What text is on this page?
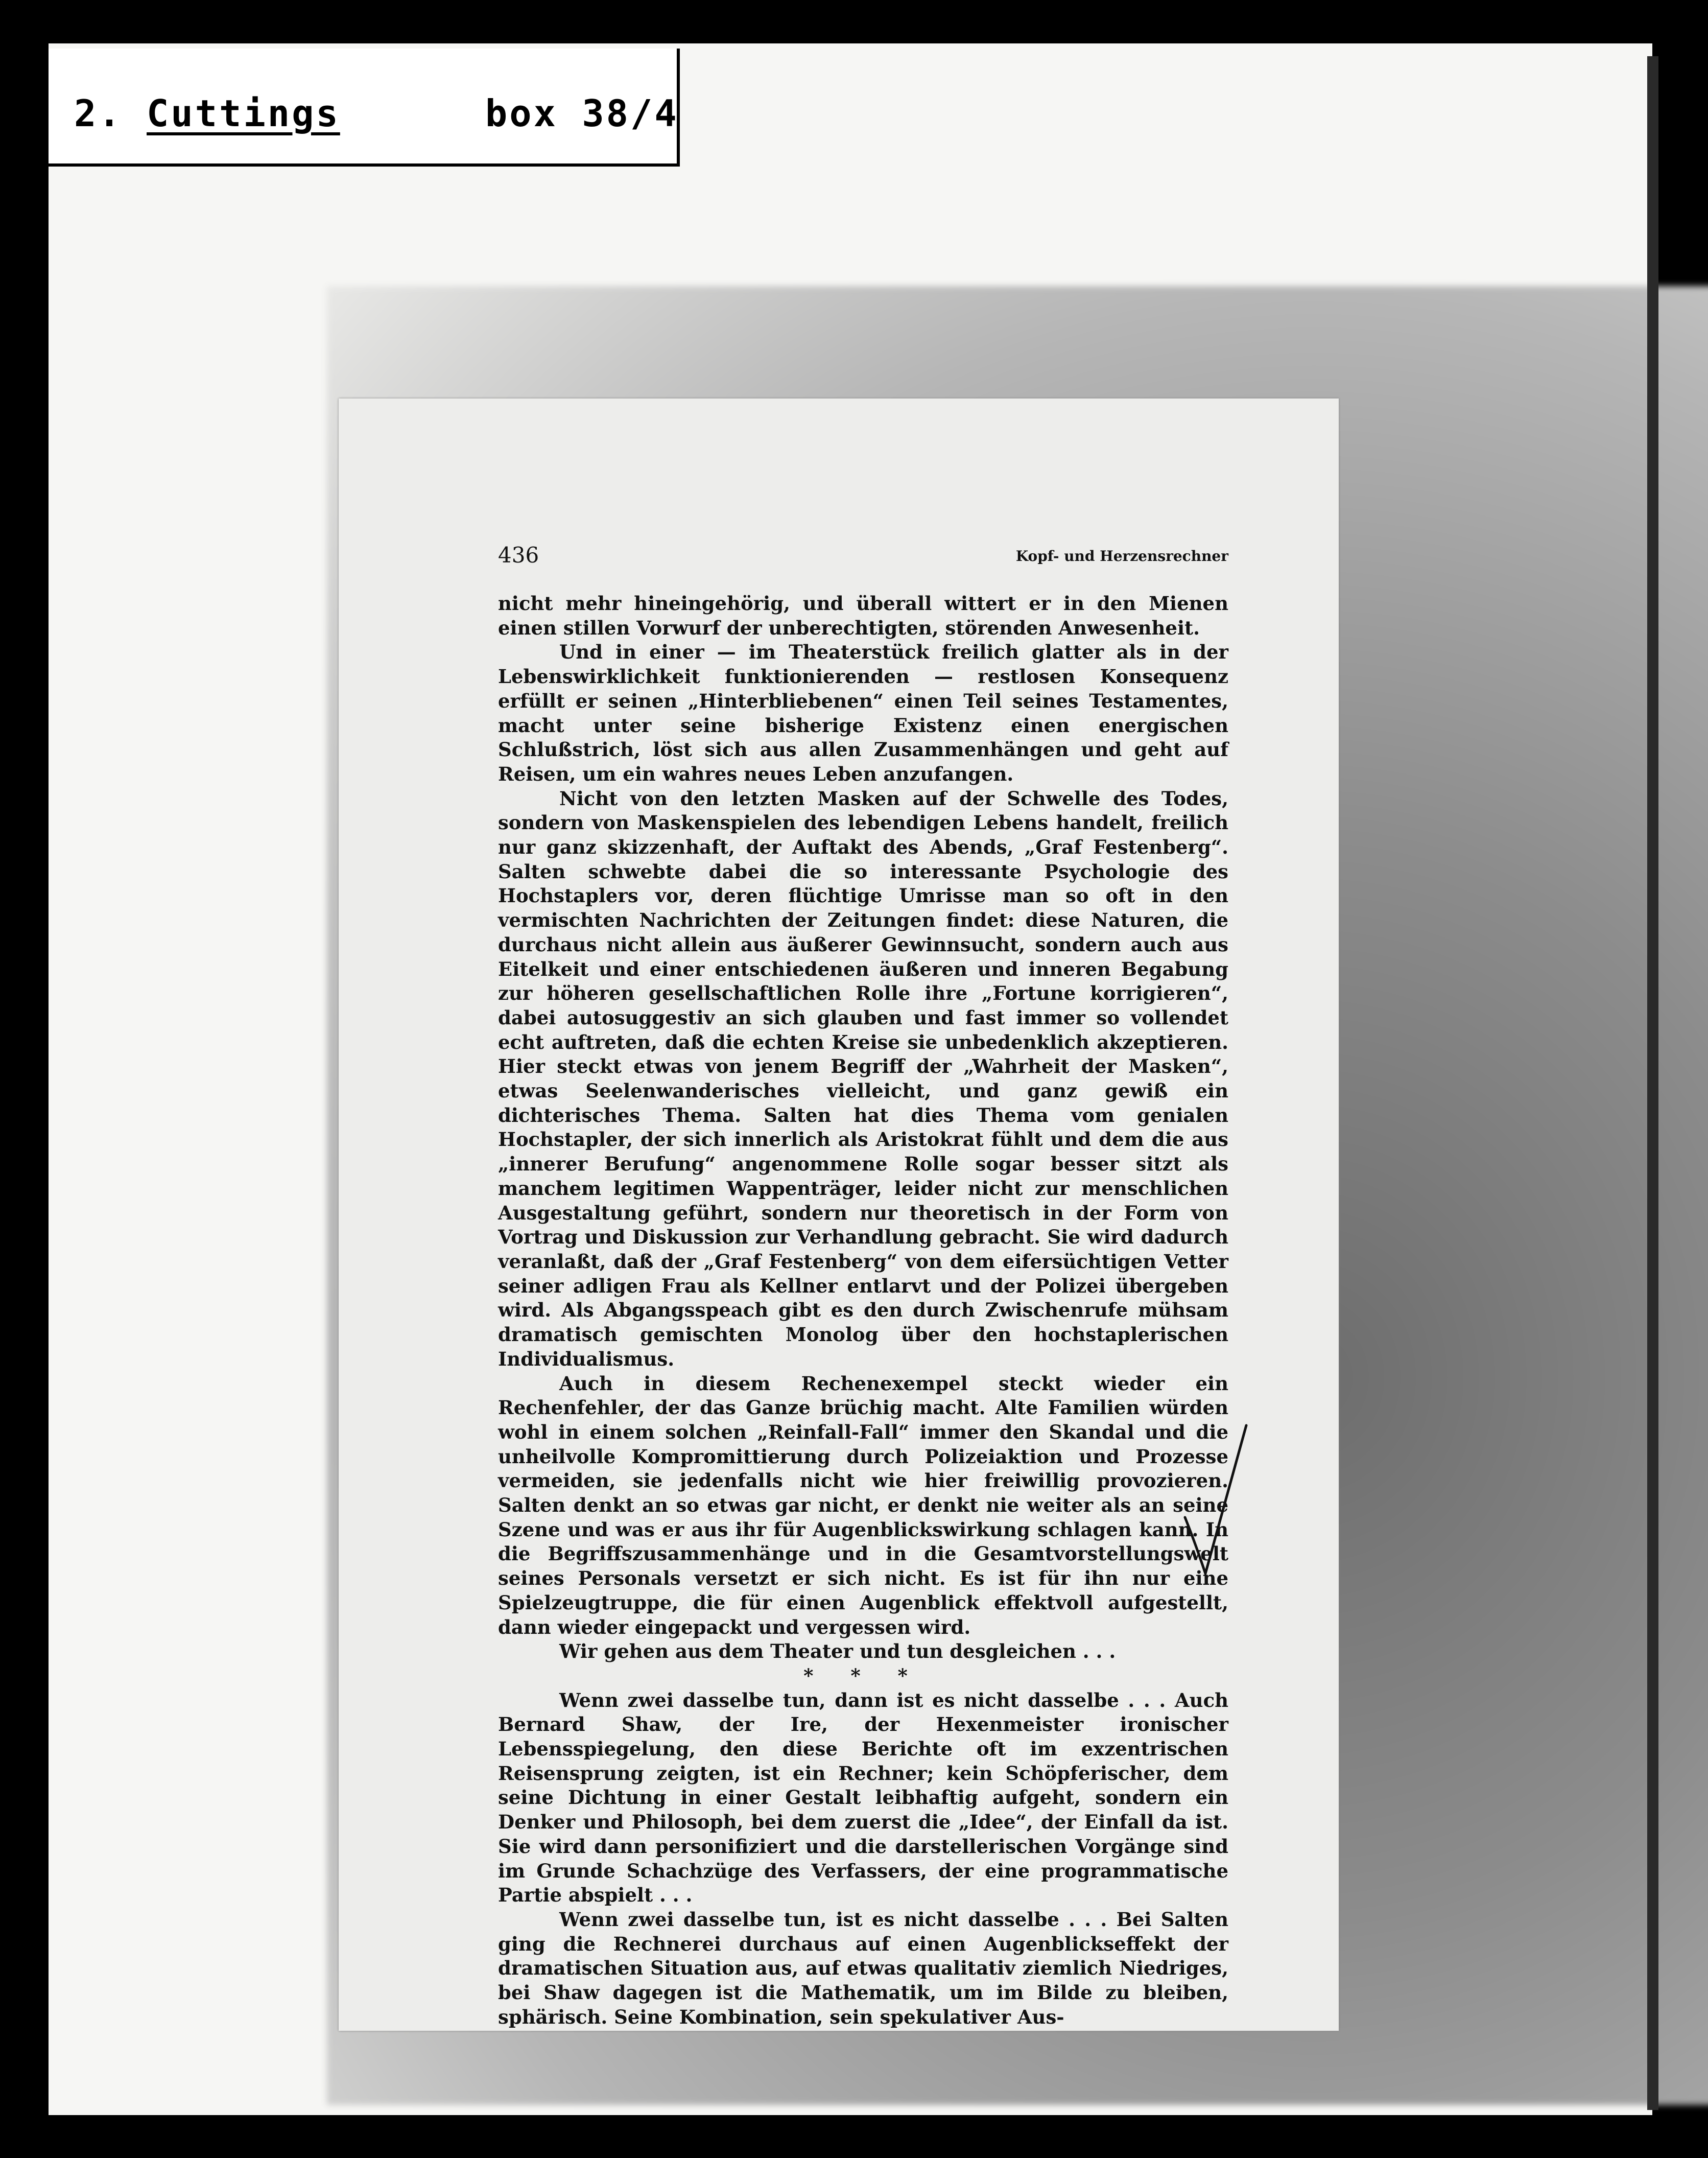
2. Cuttings	box 38/4
436	Kopf- und Herzensrechner

nicht mehr hineingehörig, und überall wittert er in den Mienen einen stillen Vorwurf der unberechtigten, störenden Anwesenheit.

Und in einer — im Theaterstück freilich glatter als in der Lebenswirklichkeit funktionierenden — restlosen Konsequenz erfüllt er seinen „Hinterbliebenen“ einen Teil seines Testamentes, macht unter seine bisherige Existenz einen energischen Schlußstrich, löst sich aus allen Zusammenhängen und geht auf Reisen, um ein wahres neues Leben anzufangen.

Nicht von den letzten Masken auf der Schwelle des Todes, sondern von Maskenspielen des lebendigen Lebens handelt, freilich nur ganz skizzenhaft, der Auftakt des Abends, „Graf Festenberg“. Salten schwebte dabei die so interessante Psychologie des Hochstaplers vor, deren flüchtige Umrisse man so oft in den vermischten Nachrichten der Zeitungen findet: diese Naturen, die durchaus nicht allein aus äußerer Gewinnsucht, sondern auch aus Eitelkeit und einer entschiedenen äußeren und inneren Begabung zur höheren gesellschaftlichen Rolle ihre „Fortune korrigieren“, dabei autosuggestiv an sich glauben und fast immer so vollendet echt auftreten, daß die echten Kreise sie unbedenklich akzeptieren. Hier steckt etwas von jenem Begriff der „Wahrheit der Masken“, etwas Seelenwanderisches vielleicht, und ganz gewiß ein dichterisches Thema. Salten hat dies Thema vom genialen Hochstapler, der sich innerlich als Aristokrat fühlt und dem die aus „innerer Berufung“ angenommene Rolle sogar besser sitzt als manchem legitimen Wappenträger, leider nicht zur menschlichen Ausgestaltung geführt, sondern nur theoretisch in der Form von Vortrag und Diskussion zur Verhandlung gebracht. Sie wird dadurch veranlaßt, daß der „Graf Festenberg“ von dem eifersüchtigen Vetter seiner adligen Frau als Kellner entlarvt und der Polizei übergeben wird. Als Abgangsspeach gibt es den durch Zwischenrufe mühsam dramatisch gemischten Monolog über den hochstaplerischen Individualismus.

Auch in diesem Rechenexempel steckt wieder ein Rechenfehler, der das Ganze brüchig macht. Alte Familien würden wohl in einem solchen „Reinfall-Fall“ immer den Skandal und die unheilvolle Kompromittierung durch Polizeiaktion und Prozesse vermeiden, sie jedenfalls nicht wie hier freiwillig provozieren. Salten denkt an so etwas gar nicht, er denkt nie weiter als an seine Szene und was er aus ihr für Augenblickswirkung schlagen kann. In die Begriffszusammenhänge und in die Gesamtvorstellungswelt seines Personals versetzt er sich nicht. Es ist für ihn nur eine Spielzeugtruppe, die für einen Augenblick effektvoll aufgestellt, dann wieder eingepackt und vergessen wird.

Wir gehen aus dem Theater und tun desgleichen . . .

* * *

Wenn zwei dasselbe tun, dann ist es nicht dasselbe . . . Auch Bernard Shaw, der Ire, der Hexenmeister ironischer Lebensspiegelung, den diese Berichte oft im exzentrischen Reisensprung zeigten, ist ein Rechner; kein Schöpferischer, dem seine Dichtung in einer Gestalt leibhaftig aufgeht, sondern ein Denker und Philosoph, bei dem zuerst die „Idee“, der Einfall da ist. Sie wird dann personifiziert und die darstellerischen Vorgänge sind im Grunde Schachzüge des Verfassers, der eine programmatische Partie abspielt . . .

Wenn zwei dasselbe tun, ist es nicht dasselbe . . . Bei Salten ging die Rechnerei durchaus auf einen Augenblickseffekt der dramatischen Situation aus, auf etwas qualitativ ziemlich Niedriges, bei Shaw dagegen ist die Mathematik, um im Bilde zu bleiben, sphärisch. Seine Kombination, sein spekulativer Aus-
